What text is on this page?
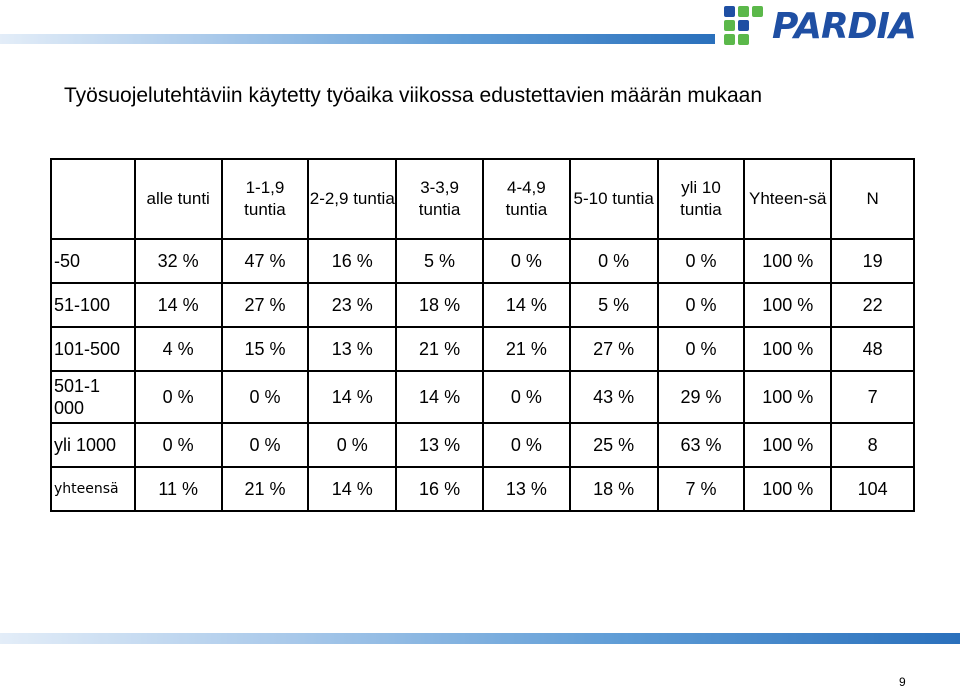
PARDIA
Työsuojelutehtäviin käytetty työaika viikossa edustettavien määrän mukaan
	alle tunti	1-1,9 tuntia	2-2,9 tuntia	3-3,9 tuntia	4-4,9 tuntia	5-10 tuntia	yli 10 tuntia	Yhteen-sä	N
-50	32 %	47 %	16 %	5 %	0 %	0 %	0 %	100 %	19
51-100	14 %	27 %	23 %	18 %	14 %	5 %	0 %	100 %	22
101-500	4 %	15 %	13 %	21 %	21 %	27 %	0 %	100 %	48
501-1000	0 %	0 %	14 %	14 %	0 %	43 %	29 %	100 %	7
yli 1000	0 %	0 %	0 %	13 %	0 %	25 %	63 %	100 %	8
yhteensä	11 %	21 %	14 %	16 %	13 %	18 %	7 %	100 %	104
9
